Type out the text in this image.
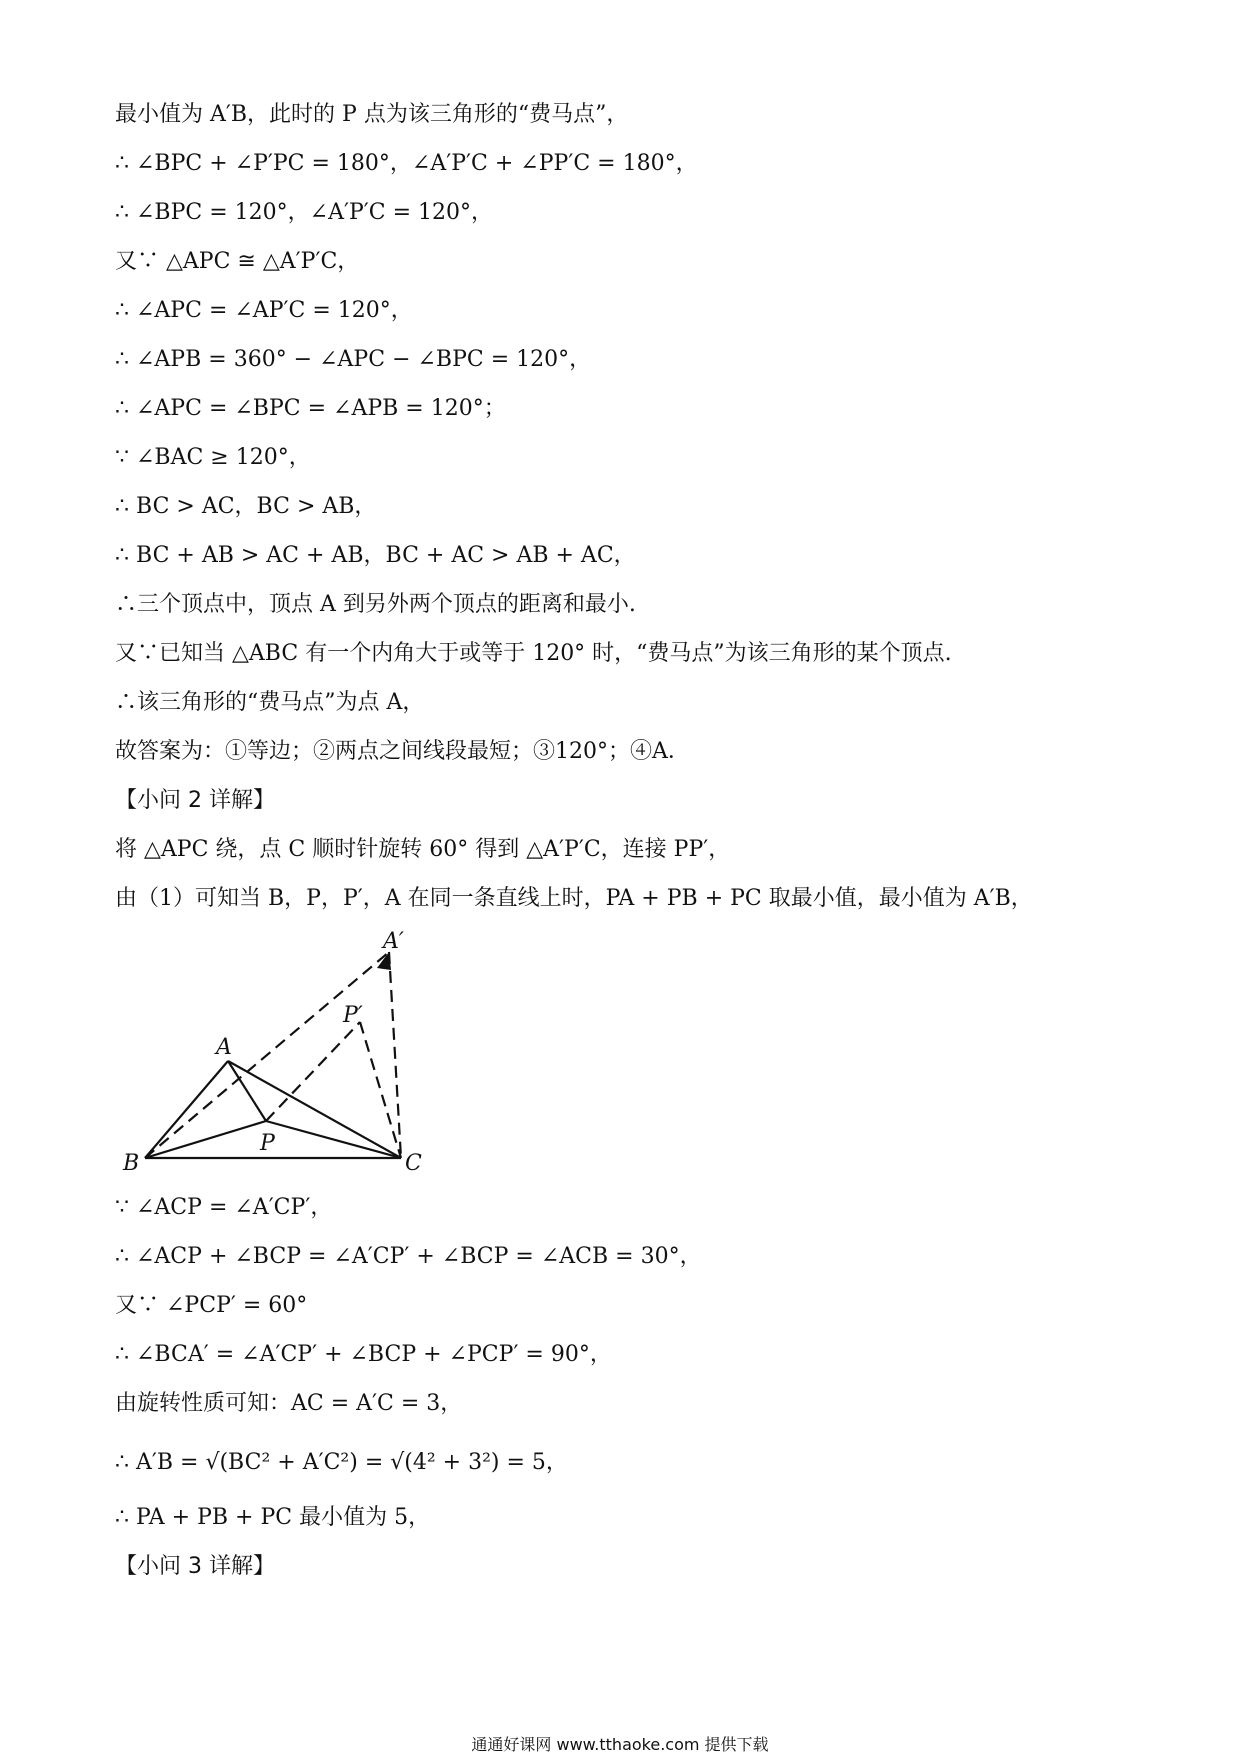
最小值为 A′B，此时的 P 点为该三角形的“费马点”，
∴ ∠BPC + ∠P′PC = 180°，∠A′P′C + ∠PP′C = 180°，
∴ ∠BPC = 120°，∠A′P′C = 120°，
又∵ △APC ≅ △A′P′C，
∴ ∠APC = ∠AP′C = 120°，
∴ ∠APB = 360° − ∠APC − ∠BPC = 120°，
∴ ∠APC = ∠BPC = ∠APB = 120°；
∵ ∠BAC ≥ 120°，
∴ BC > AC，BC > AB，
∴ BC + AB > AC + AB，BC + AC > AB + AC，
∴三个顶点中，顶点 A 到另外两个顶点的距离和最小.
又∵已知当 △ABC 有一个内角大于或等于 120° 时，“费马点”为该三角形的某个顶点.
∴该三角形的“费马点”为点 A，
故答案为：①等边；②两点之间线段最短；③120°；④A．
【小问 2 详解】
将 △APC 绕，点 C 顺时针旋转 60° 得到 △A′P′C，连接 PP′，
由（1）可知当 B，P，P′，A 在同一条直线上时，PA + PB + PC 取最小值，最小值为 A′B，
A′
P′
A
P
B	C
∵ ∠ACP = ∠A′CP′，
∴ ∠ACP + ∠BCP = ∠A′CP′ + ∠BCP = ∠ACB = 30°，
又∵ ∠PCP′ = 60°
∴ ∠BCA′ = ∠A′CP′ + ∠BCP + ∠PCP′ = 90°，
由旋转性质可知：AC = A′C = 3，
∴ A′B = √(BC² + A′C²) = √(4² + 3²) = 5，
∴ PA + PB + PC 最小值为 5，
【小问 3 详解】
通通好课网 www.tthaoke.com 提供下载
